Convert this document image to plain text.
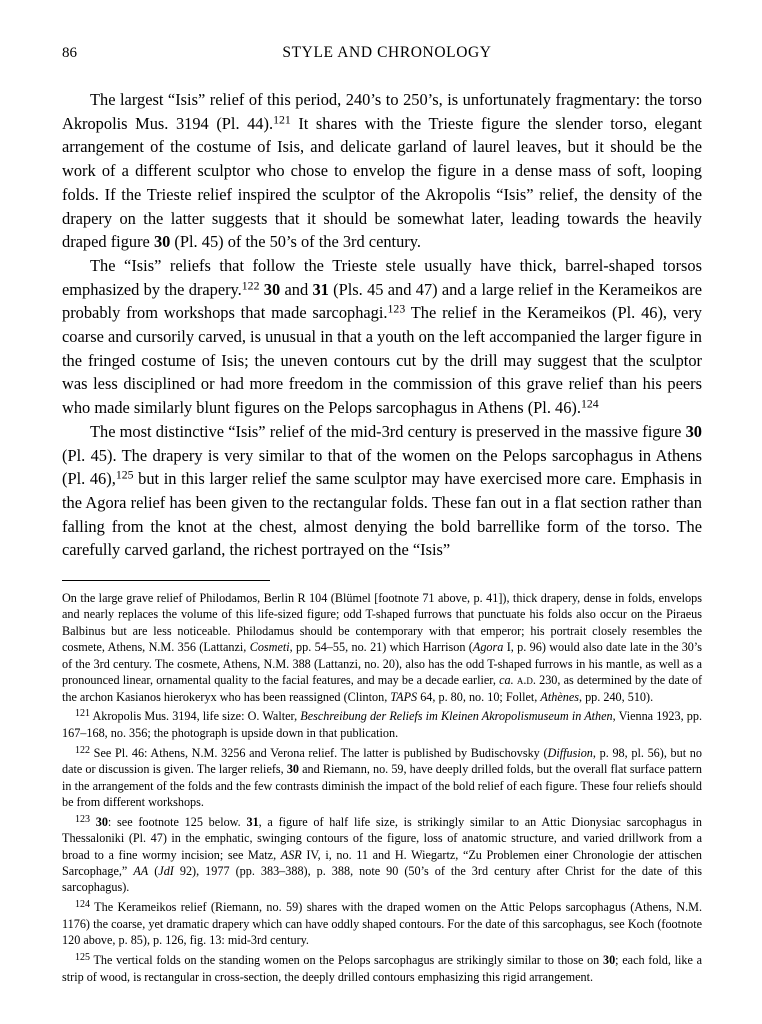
86	STYLE AND CHRONOLOGY

The largest “Isis” relief of this period, 240’s to 250’s, is unfortunately fragmentary: the torso Akropolis Mus. 3194 (Pl. 44).$^{121}$ It shares with the Trieste figure the slender torso, elegant arrangement of the costume of Isis, and delicate garland of laurel leaves, but it should be the work of a different sculptor who chose to envelop the figure in a dense mass of soft, looping folds. If the Trieste relief inspired the sculptor of the Akropolis “Isis” relief, the density of the drapery on the latter suggests that it should be somewhat later, leading towards the heavily draped figure 30 (Pl. 45) of the 50’s of the 3rd century.

The “Isis” reliefs that follow the Trieste stele usually have thick, barrel-shaped torsos emphasized by the drapery.$^{122}$ 30 and 31 (Pls. 45 and 47) and a large relief in the Kerameikos are probably from workshops that made sarcophagi.$^{123}$ The relief in the Kerameikos (Pl. 46), very coarse and cursorily carved, is unusual in that a youth on the left accompanied the larger figure in the fringed costume of Isis; the uneven contours cut by the drill may suggest that the sculptor was less disciplined or had more freedom in the commission of this grave relief than his peers who made similarly blunt figures on the Pelops sarcophagus in Athens (Pl. 46).$^{124}$

The most distinctive “Isis” relief of the mid-3rd century is preserved in the massive figure 30 (Pl. 45). The drapery is very similar to that of the women on the Pelops sarcophagus in Athens (Pl. 46),$^{125}$ but in this larger relief the same sculptor may have exercised more care. Emphasis in the Agora relief has been given to the rectangular folds. These fan out in a flat section rather than falling from the knot at the chest, almost denying the bold barrellike form of the torso. The carefully carved garland, the richest portrayed on the “Isis”

On the large grave relief of Philodamos, Berlin R 104 (Blümel [footnote 71 above, p. 41]), thick drapery, dense in folds, envelops and nearly replaces the volume of this life-sized figure; odd T-shaped furrows that punctuate his folds also occur on the Piraeus Balbinus but are less noticeable. Philodamus should be contemporary with that emperor; his portrait closely resembles the cosmete, Athens, N.M. 356 (Lattanzi, Cosmeti, pp. 54–55, no. 21) which Harrison (Agora I, p. 96) would also date late in the 30’s of the 3rd century. The cosmete, Athens, N.M. 388 (Lattanzi, no. 20), also has the odd T-shaped furrows in his mantle, as well as a pronounced linear, ornamental quality to the facial features, and may be a decade earlier, ca. a.d. 230, as determined by the date of the archon Kasianos hierokeryx who has been reassigned (Clinton, TAPS 64, p. 80, no. 10; Follet, Athènes, pp. 240, 510).

$^{121}$ Akropolis Mus. 3194, life size: O. Walter, Beschreibung der Reliefs im Kleinen Akropolismuseum in Athen, Vienna 1923, pp. 167–168, no. 356; the photograph is upside down in that publication.

$^{122}$ See Pl. 46: Athens, N.M. 3256 and Verona relief. The latter is published by Budischovsky (Diffusion, p. 98, pl. 56), but no date or discussion is given. The larger reliefs, 30 and Riemann, no. 59, have deeply drilled folds, but the overall flat surface pattern in the arrangement of the folds and the few contrasts diminish the impact of the bold relief of each figure. These four reliefs should be from different workshops.

$^{123}$ 30: see footnote 125 below. 31, a figure of half life size, is strikingly similar to an Attic Dionysiac sarcophagus in Thessaloniki (Pl. 47) in the emphatic, swinging contours of the figure, loss of anatomic structure, and varied drillwork from a broad to a fine wormy incision; see Matz, ASR IV, i, no. 11 and H. Wiegartz, “Zu Problemen einer Chronologie der attischen Sarcophage,” AA (JdI 92), 1977 (pp. 383–388), p. 388, note 90 (50’s of the 3rd century after Christ for the date of this sarcophagus).

$^{124}$ The Kerameikos relief (Riemann, no. 59) shares with the draped women on the Attic Pelops sarcophagus (Athens, N.M. 1176) the coarse, yet dramatic drapery which can have oddly shaped contours. For the date of this sarcophagus, see Koch (footnote 120 above, p. 85), p. 126, fig. 13: mid-3rd century.

$^{125}$ The vertical folds on the standing women on the Pelops sarcophagus are strikingly similar to those on 30; each fold, like a strip of wood, is rectangular in cross-section, the deeply drilled contours emphasizing this rigid arrangement.
